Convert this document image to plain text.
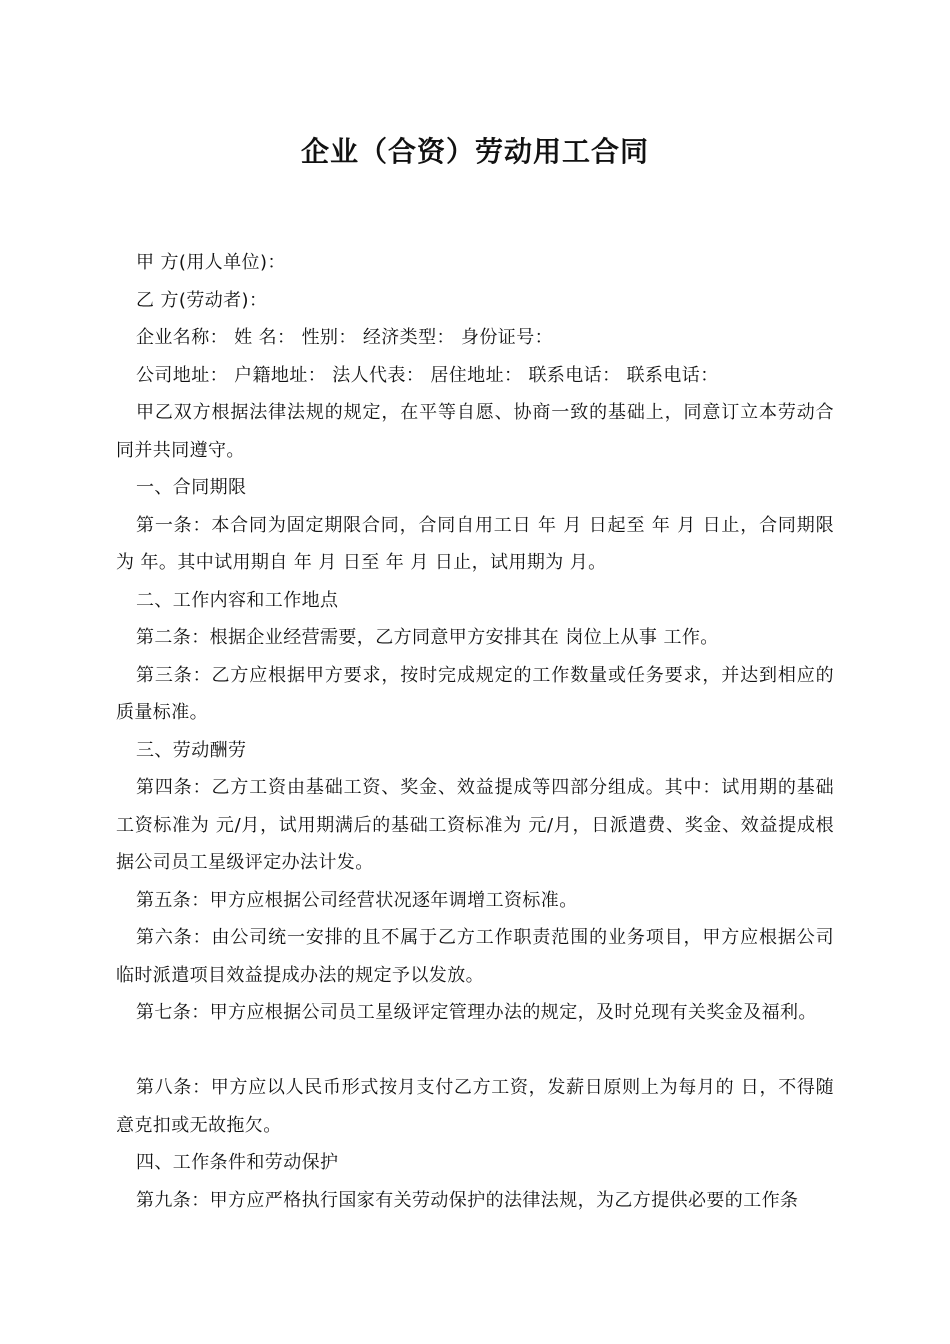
企业（合资）劳动用工合同

甲 方(用人单位)：

乙 方(劳动者)：

企业名称： 姓 名： 性别： 经济类型： 身份证号：

公司地址： 户籍地址： 法人代表： 居住地址： 联系电话： 联系电话：

甲乙双方根据法律法规的规定，在平等自愿、协商一致的基础上，同意订立本劳动合同并共同遵守。

一、合同期限

第一条：本合同为固定期限合同，合同自用工日 年 月 日起至 年 月 日止，合同期限为 年。其中试用期自 年 月 日至 年 月 日止，试用期为 月。

二、工作内容和工作地点

第二条：根据企业经营需要，乙方同意甲方安排其在 岗位上从事 工作。

第三条：乙方应根据甲方要求，按时完成规定的工作数量或任务要求，并达到相应的质量标准。

三、劳动酬劳

第四条：乙方工资由基础工资、奖金、效益提成等四部分组成。其中：试用期的基础工资标准为 元/月，试用期满后的基础工资标准为 元/月，日派遣费、奖金、效益提成根据公司员工星级评定办法计发。

第五条：甲方应根据公司经营状况逐年调增工资标准。

第六条：由公司统一安排的且不属于乙方工作职责范围的业务项目，甲方应根据公司临时派遣项目效益提成办法的规定予以发放。

第七条：甲方应根据公司员工星级评定管理办法的规定，及时兑现有关奖金及福利。

第八条：甲方应以人民币形式按月支付乙方工资，发薪日原则上为每月的 日，不得随意克扣或无故拖欠。

四、工作条件和劳动保护

第九条：甲方应严格执行国家有关劳动保护的法律法规，为乙方提供必要的工作条
